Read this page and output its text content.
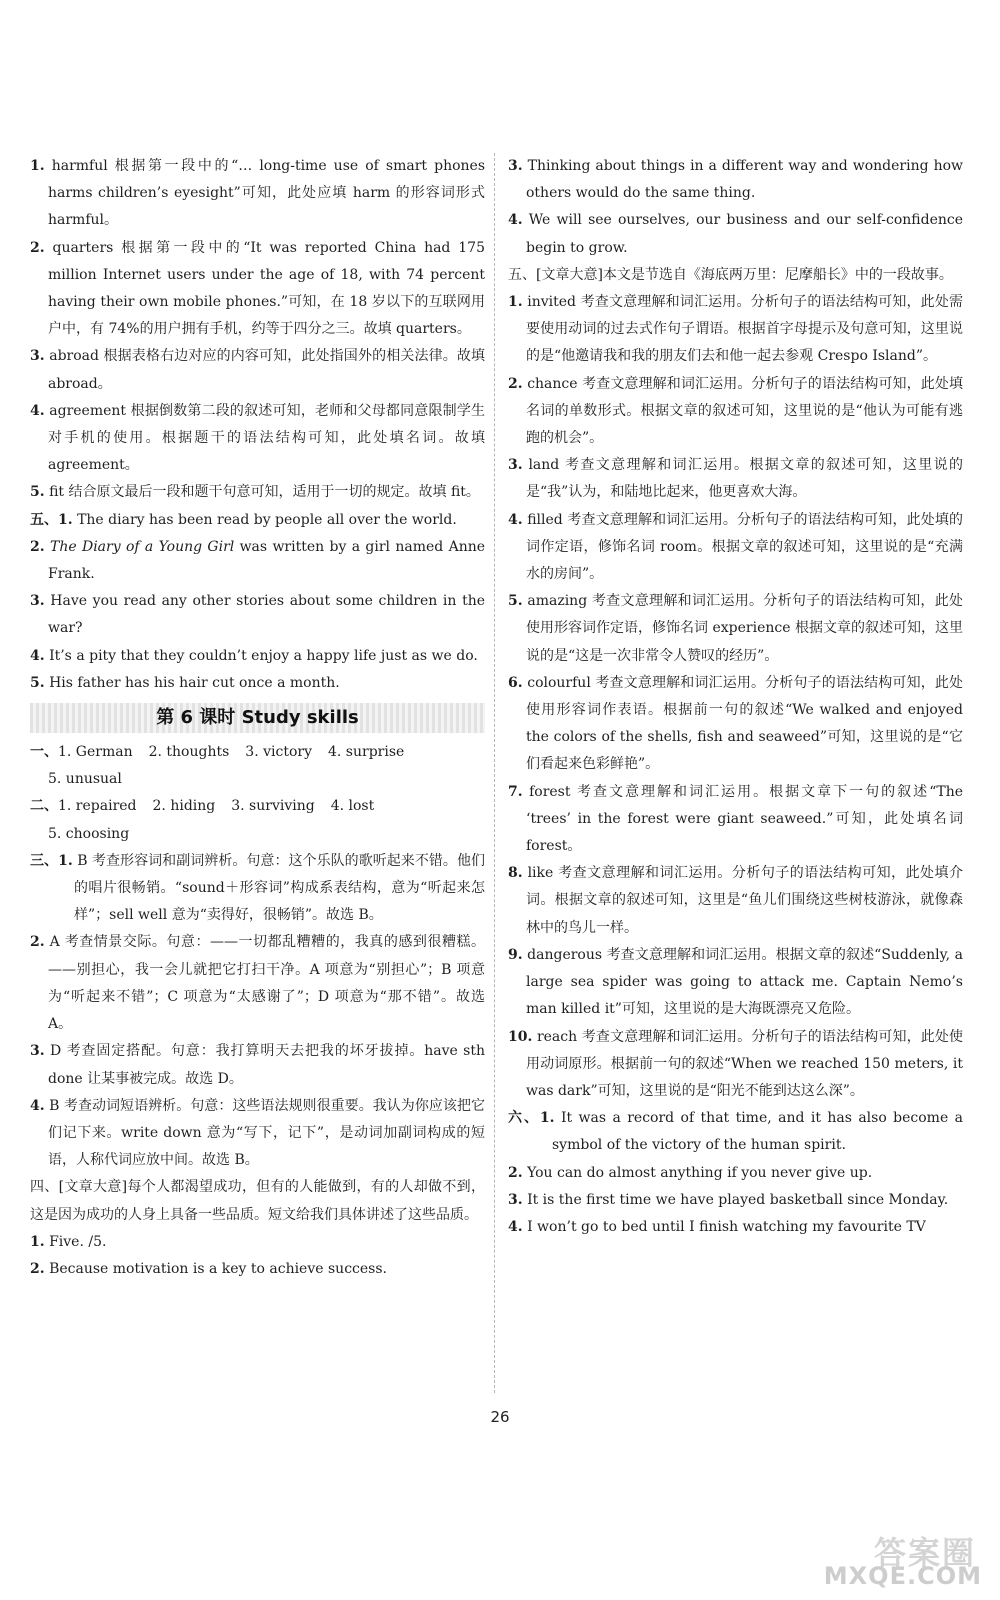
1. harmful 根据第一段中的“… long-time use of smart phones harms children’s eyesight”可知，此处应填 harm 的形容词形式 harmful。

2. quarters 根据第一段中的“It was reported China had 175 million Internet users under the age of 18, with 74 percent having their own mobile phones.”可知，在 18 岁以下的互联网用户中，有 74%的用户拥有手机，约等于四分之三。故填 quarters。

3. abroad 根据表格右边对应的内容可知，此处指国外的相关法律。故填 abroad。

4. agreement 根据倒数第二段的叙述可知，老师和父母都同意限制学生对手机的使用。根据题干的语法结构可知，此处填名词。故填 agreement。

5. fit 结合原文最后一段和题干句意可知，适用于一切的规定。故填 fit。

五、1. The diary has been read by people all over the world.

2. The Diary of a Young Girl was written by a girl named Anne Frank.

3. Have you read any other stories about some children in the war?

4. It’s a pity that they couldn’t enjoy a happy life just as we do.

5. His father has his hair cut once a month.

第 6 课时 Study skills

一、1. German 2. thoughts 3. victory 4. surprise

5. unusual

二、1. repaired 2. hiding 3. surviving 4. lost

5. choosing

三、1. B 考查形容词和副词辨析。句意：这个乐队的歌听起来不错。他们的唱片很畅销。“sound＋形容词”构成系表结构，意为“听起来怎样”；sell well 意为“卖得好，很畅销”。故选 B。

2. A 考查情景交际。句意：——一切都乱糟糟的，我真的感到很糟糕。——别担心，我一会儿就把它打扫干净。A 项意为“别担心”；B 项意为“听起来不错”；C 项意为“太感谢了”；D 项意为“那不错”。故选 A。

3. D 考查固定搭配。句意：我打算明天去把我的坏牙拔掉。have sth done 让某事被完成。故选 D。

4. B 考查动词短语辨析。句意：这些语法规则很重要。我认为你应该把它们记下来。write down 意为“写下，记下”，是动词加副词构成的短语，人称代词应放中间。故选 B。

四、[文章大意]每个人都渴望成功，但有的人能做到，有的人却做不到，这是因为成功的人身上具备一些品质。短文给我们具体讲述了这些品质。

1. Five. /5.

2. Because motivation is a key to achieve success.

3. Thinking about things in a different way and wondering how others would do the same thing.

4. We will see ourselves, our business and our self-confidence begin to grow.

五、[文章大意]本文是节选自《海底两万里：尼摩船长》中的一段故事。

1. invited 考查文意理解和词汇运用。分析句子的语法结构可知，此处需要使用动词的过去式作句子谓语。根据首字母提示及句意可知，这里说的是“他邀请我和我的朋友们去和他一起去参观 Crespo Island”。

2. chance 考查文意理解和词汇运用。分析句子的语法结构可知，此处填名词的单数形式。根据文章的叙述可知，这里说的是“他认为可能有逃跑的机会”。

3. land 考查文意理解和词汇运用。根据文章的叙述可知，这里说的是“我”认为，和陆地比起来，他更喜欢大海。

4. filled 考查文意理解和词汇运用。分析句子的语法结构可知，此处填的词作定语，修饰名词 room。根据文章的叙述可知，这里说的是“充满水的房间”。

5. amazing 考查文意理解和词汇运用。分析句子的语法结构可知，此处使用形容词作定语，修饰名词 experience 根据文章的叙述可知，这里说的是“这是一次非常令人赞叹的经历”。

6. colourful 考查文意理解和词汇运用。分析句子的语法结构可知，此处使用形容词作表语。根据前一句的叙述“We walked and enjoyed the colors of the shells, fish and seaweed”可知，这里说的是“它们看起来色彩鲜艳”。

7. forest 考查文意理解和词汇运用。根据文章下一句的叙述“The ‘trees’ in the forest were giant seaweed.”可知，此处填名词 forest。

8. like 考查文意理解和词汇运用。分析句子的语法结构可知，此处填介词。根据文章的叙述可知，这里是“鱼儿们围绕这些树枝游泳，就像森林中的鸟儿一样。

9. dangerous 考查文意理解和词汇运用。根据文章的叙述“Suddenly, a large sea spider was going to attack me. Captain Nemo’s man killed it”可知，这里说的是大海既漂亮又危险。

10. reach 考查文意理解和词汇运用。分析句子的语法结构可知，此处使用动词原形。根据前一句的叙述“When we reached 150 meters, it was dark”可知，这里说的是“阳光不能到达这么深”。

六、1. It was a record of that time, and it has also become a symbol of the victory of the human spirit.

2. You can do almost anything if you never give up.

3. It is the first time we have played basketball since Monday.

4. I won’t go to bed until I finish watching my favourite TV

26
答案圈
MXQE.COM
